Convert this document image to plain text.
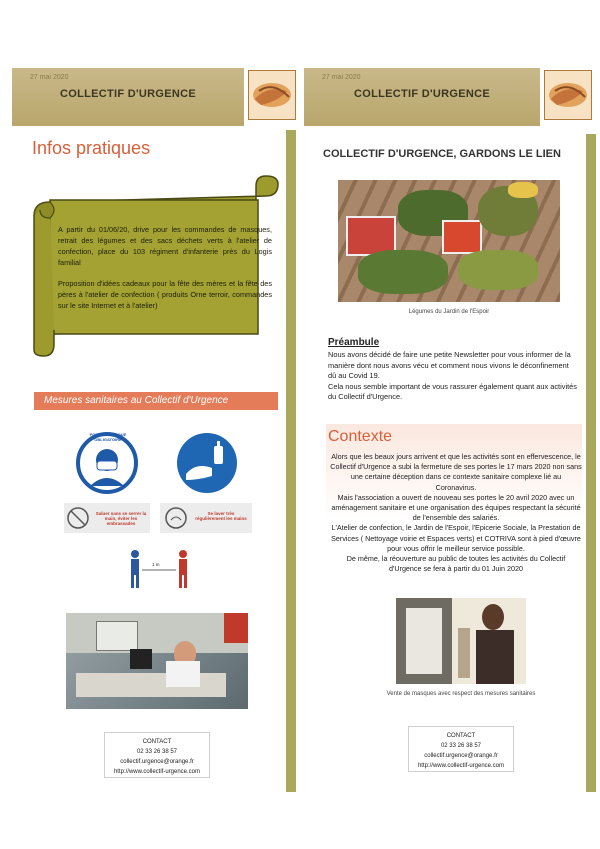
27 mai 2020
COLLECTIF D'URGENCE
Infos pratiques

A partir du 01/06/20, drive pour les commandes de masques, retrait des légumes et des sacs déchets verts à l'atelier de confection, place du 103 régiment d'infanterie près du Logis familial

Proposition d'idées cadeaux pour la fête des mères et la fête des pères à l'atelier de confection ( produits Orne terroir, commandes sur le site Internet et à l'atelier)

Mesures sanitaires au Collectif d'Urgence
PORT DU MASQUE OBLIGATOIRE
Saluer sans se serrer la main, éviter les embrassades
Se laver très régulièrement les mains
1 m
CONTACT
02 33 26 38 57
collectif.urgence@orange.fr
http://www.collectif-urgence.com
27 mai 2020
COLLECTIF D'URGENCE
COLLECTIF D'URGENCE, GARDONS LE LIEN
Légumes du Jardin de l'Espoir
Préambule

Nous avons décidé de faire une petite Newsletter pour vous informer de la manière dont nous avons vécu et comment nous vivons le déconfinement dû au Covid 19.

Cela nous semble important de vous rassurer également quant aux activités du Collectif d'Urgence.

Contexte

Alors que les beaux jours arrivent et que les activités sont en effervescence, le Collectif d'Urgence a subi la fermeture de ses portes le 17 mars 2020 non sans une certaine déception dans ce contexte sanitaire complexe lié au Coronavirus.

Mais l'association a ouvert de nouveau ses portes le 20 avril 2020 avec un aménagement sanitaire et une organisation des équipes respectant la sécurité de l'ensemble des salariés.

L'Atelier de confection, le Jardin de l'Espoir, l'Epicerie Sociale, la Prestation de Services ( Nettoyage voirie et Espaces verts) et COTRIVA sont à pied d'œuvre pour vous offrir le meilleur service possible.

De même, la réouverture au public de toutes les activités du Collectif d'Urgence se fera à partir du 01 Juin 2020

Vente de masques avec respect des mesures sanitaires
CONTACT
02 33 26 38 57
collectif.urgence@orange.fr
http://www.collectif-urgence.com
